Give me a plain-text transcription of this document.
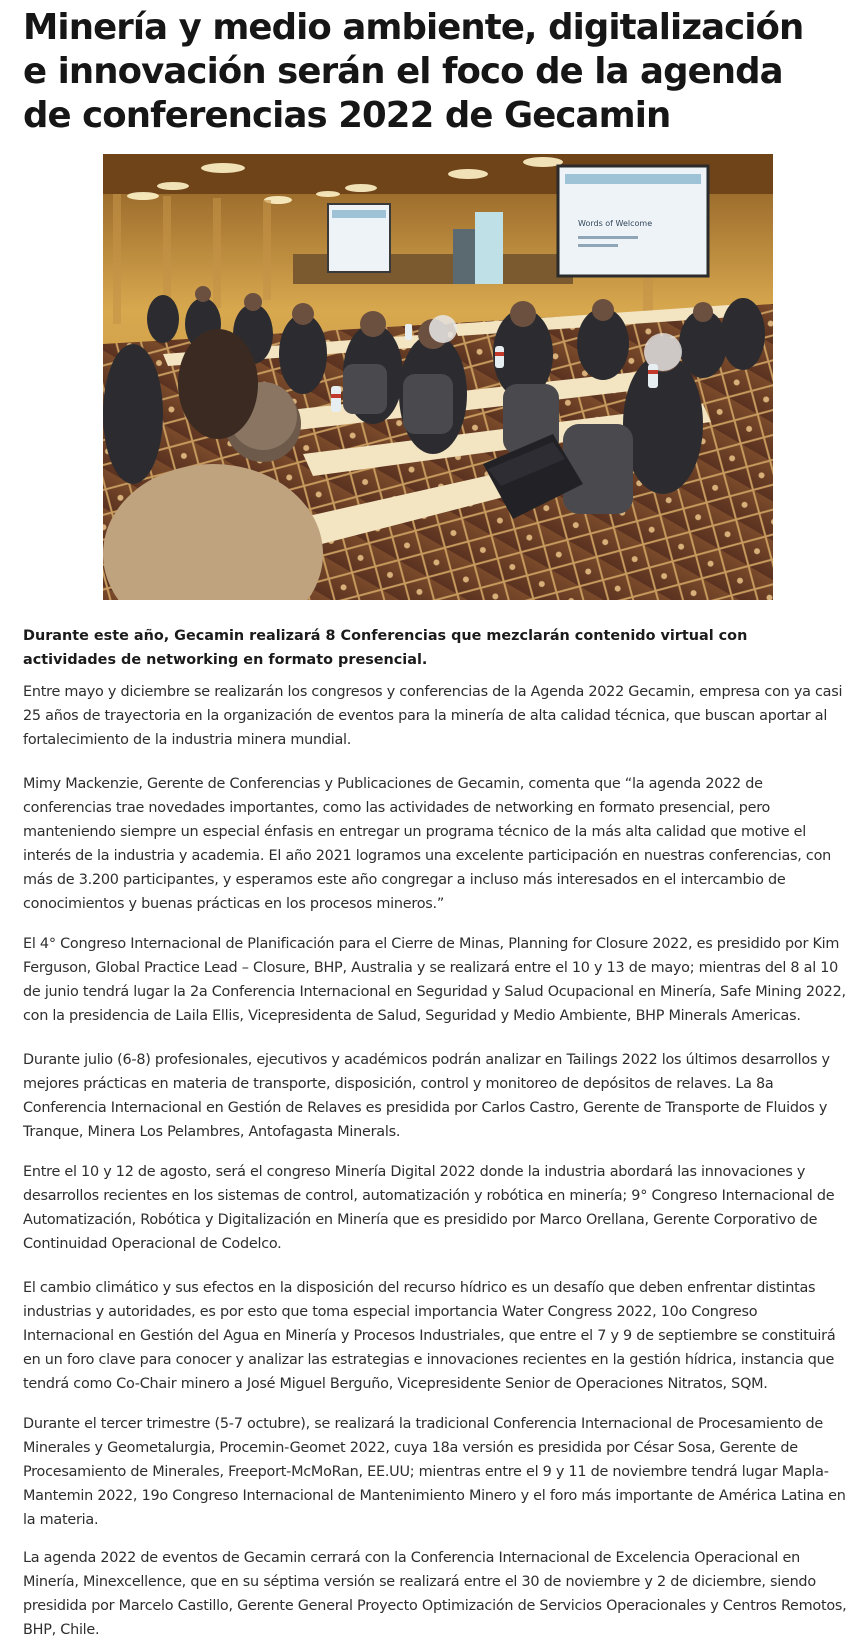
Minería y medio ambiente, digitalización e innovación serán el foco de la agenda de conferencias 2022 de Gecamin
Words of Welcome

Durante este año, Gecamin realizará 8 Conferencias que mezclarán contenido virtual con actividades de networking en formato presencial.

Entre mayo y diciembre se realizarán los congresos y conferencias de la Agenda 2022 Gecamin, empresa con ya casi 25 años de trayectoria en la organización de eventos para la minería de alta calidad técnica, que buscan aportar al fortalecimiento de la industria minera mundial.

Mimy Mackenzie, Gerente de Conferencias y Publicaciones de Gecamin, comenta que “la agenda 2022 de conferencias trae novedades importantes, como las actividades de networking en formato presencial, pero manteniendo siempre un especial énfasis en entregar un programa técnico de la más alta calidad que motive el interés de la industria y academia. El año 2021 logramos una excelente participación en nuestras conferencias, con más de 3.200 participantes, y esperamos este año congregar a incluso más interesados en el intercambio de conocimientos y buenas prácticas en los procesos mineros.”

El 4° Congreso Internacional de Planificación para el Cierre de Minas, Planning for Closure 2022, es presidido por Kim Ferguson, Global Practice Lead – Closure, BHP, Australia y se realizará entre el 10 y 13 de mayo; mientras del 8 al 10 de junio tendrá lugar la 2a Conferencia Internacional en Seguridad y Salud Ocupacional en Minería, Safe Mining 2022, con la presidencia de Laila Ellis, Vicepresidenta de Salud, Seguridad y Medio Ambiente, BHP Minerals Americas.

Durante julio (6-8) profesionales, ejecutivos y académicos podrán analizar en Tailings 2022 los últimos desarrollos y mejores prácticas en materia de transporte, disposición, control y monitoreo de depósitos de relaves. La 8a Conferencia Internacional en Gestión de Relaves es presidida por Carlos Castro, Gerente de Transporte de Fluidos y Tranque, Minera Los Pelambres, Antofagasta Minerals.

Entre el 10 y 12 de agosto, será el congreso Minería Digital 2022 donde la industria abordará las innovaciones y desarrollos recientes en los sistemas de control, automatización y robótica en minería; 9° Congreso Internacional de Automatización, Robótica y Digitalización en Minería que es presidido por Marco Orellana, Gerente Corporativo de Continuidad Operacional de Codelco.

El cambio climático y sus efectos en la disposición del recurso hídrico es un desafío que deben enfrentar distintas industrias y autoridades, es por esto que toma especial importancia Water Congress 2022, 10o Congreso Internacional en Gestión del Agua en Minería y Procesos Industriales, que entre el 7 y 9 de septiembre se constituirá en un foro clave para conocer y analizar las estrategias e innovaciones recientes en la gestión hídrica, instancia que tendrá como Co-Chair minero a José Miguel Berguño, Vicepresidente Senior de Operaciones Nitratos, SQM.

Durante el tercer trimestre (5-7 octubre), se realizará la tradicional Conferencia Internacional de Procesamiento de Minerales y Geometalurgia, Procemin-Geomet 2022, cuya 18a versión es presidida por César Sosa, Gerente de Procesamiento de Minerales, Freeport-McMoRan, EE.UU; mientras entre el 9 y 11 de noviembre tendrá lugar Mapla-Mantemin 2022, 19o Congreso Internacional de Mantenimiento Minero y el foro más importante de América Latina en la materia.

La agenda 2022 de eventos de Gecamin cerrará con la Conferencia Internacional de Excelencia Operacional en Minería, Minexcellence, que en su séptima versión se realizará entre el 30 de noviembre y 2 de diciembre, siendo presidida por Marcelo Castillo, Gerente General Proyecto Optimización de Servicios Operacionales y Centros Remotos, BHP, Chile.
